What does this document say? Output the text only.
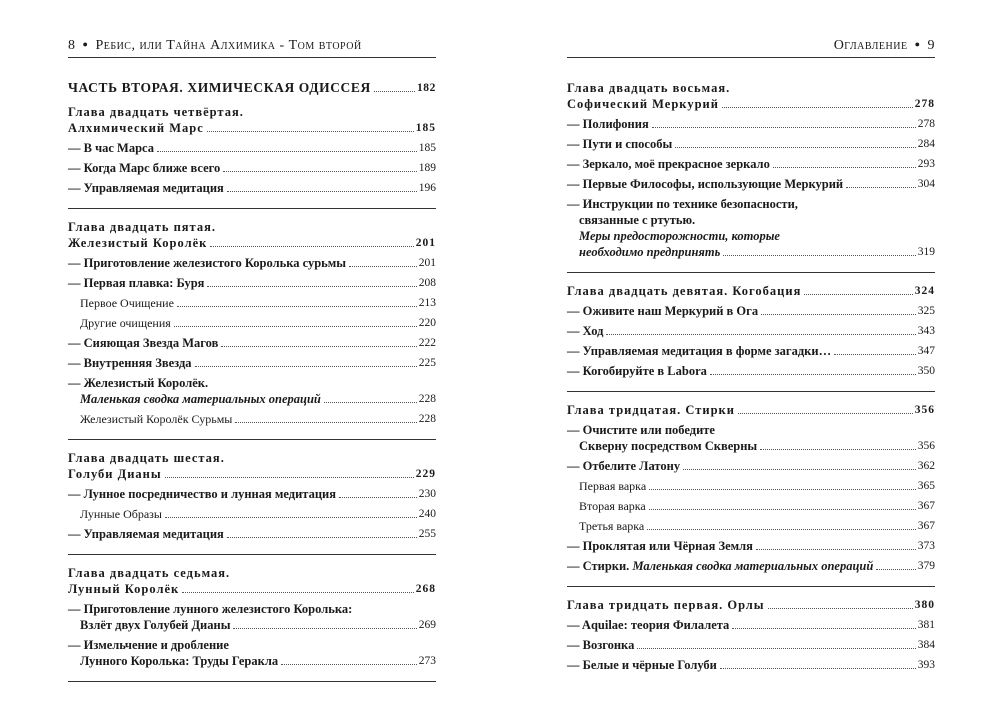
8 ● Ребис, или Тайна Алхимика - Том второй
ЧАСТЬ ВТОРАЯ. ХИМИЧЕСКАЯ ОДИССЕЯ	182
Глава двадцать четвёртая.
Алхимический Марс	185
— В час Марса	185
— Когда Марс ближе всего	189
— Управляемая медитация	196
Глава двадцать пятая.
Железистый Королёк	201
— Приготовление железистого Королька сурьмы	201
— Первая плавка: Буря	208
Первое Очищение	213
Другие очищения	220
— Сияющая Звезда Магов	222
— Внутренняя Звезда	225
— Железистый Королёк.
Маленькая сводка материальных операций	228
Железистый Королёк Сурьмы	228
Глава двадцать шестая.
Голуби Дианы	229
— Лунное посредничество и лунная медитация	230
Лунные Образы	240
— Управляемая медитация	255
Глава двадцать седьмая.
Лунный Королёк	268
— Приготовление лунного железистого Королька:
Взлёт двух Голубей Дианы	269
— Измельчение и дробление
Лунного Королька: Труды Геракла	273
Оглавление ● 9
Глава двадцать восьмая.
Софический Меркурий	278
— Полифония	278
— Пути и способы	284
— Зеркало, моё прекрасное зеркало	293
— Первые Философы, использующие Меркурий	304
— Инструкции по технике безопасности,
связанные с ртутью.
Меры предосторожности, которые
необходимо предпринять	319
Глава двадцать девятая. Когобация	324
— Оживите наш Меркурий в Ога	325
— Ход	343
— Управляемая медитация в форме загадки…	347
— Когобируйте в Labora	350
Глава тридцатая. Стирки	356
— Очистите или победите
Скверну посредством Скверны	356
— Отбелите Латону	362
Первая варка	365
Вторая варка	367
Третья варка	367
— Проклятая или Чёрная Земля	373
— Стирки. Маленькая сводка материальных операций	379
Глава тридцать первая. Орлы	380
— Aquilae: теория Филалета	381
— Возгонка	384
— Белые и чёрные Голуби	393
